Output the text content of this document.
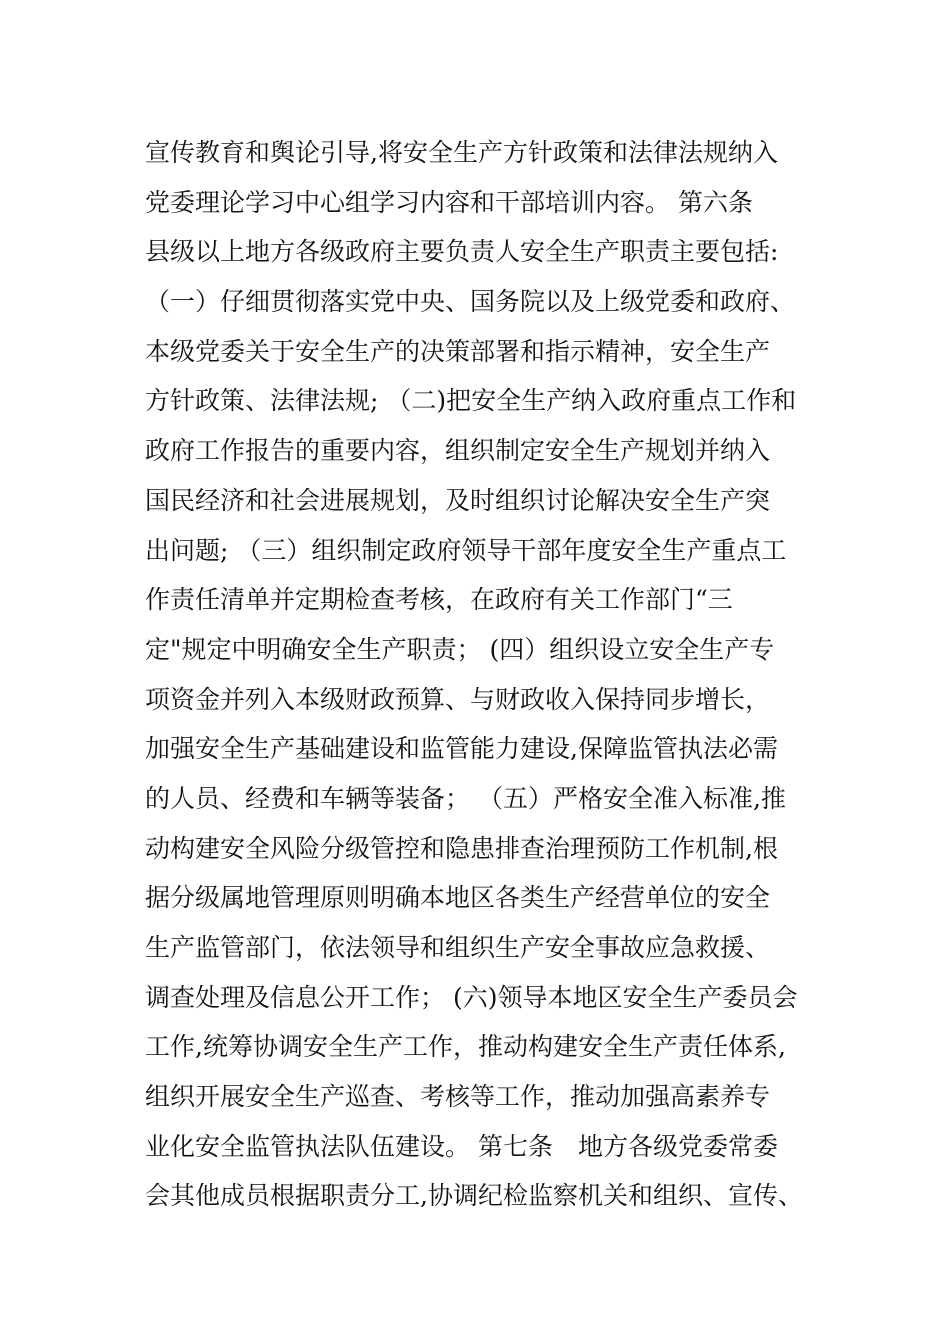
宣传教育和舆论引导,将安全生产方针政策和法律法规纳入
党委理论学习中心组学习内容和干部培训内容。 第六条
县级以上地方各级政府主要负责人安全生产职责主要包括:
（一）仔细贯彻落实党中央、国务院以及上级党委和政府、
本级党委关于安全生产的决策部署和指示精神，安全生产
方针政策、法律法规; （二)把安全生产纳入政府重点工作和
政府工作报告的重要内容，组织制定安全生产规划并纳入
国民经济和社会进展规划，及时组织讨论解决安全生产突
出问题; （三）组织制定政府领导干部年度安全生产重点工
作责任清单并定期检查考核，在政府有关工作部门“三
定"规定中明确安全生产职责； (四）组织设立安全生产专
项资金并列入本级财政预算、与财政收入保持同步增长，
加强安全生产基础建设和监管能力建设,保障监管执法必需
的人员、经费和车辆等装备； （五）严格安全准入标准,推
动构建安全风险分级管控和隐患排查治理预防工作机制,根
据分级属地管理原则明确本地区各类生产经营单位的安全
生产监管部门，依法领导和组织生产安全事故应急救援、
调查处理及信息公开工作； (六)领导本地区安全生产委员会
工作,统筹协调安全生产工作，推动构建安全生产责任体系,
组织开展安全生产巡查、考核等工作，推动加强高素养专
业化安全监管执法队伍建设。 第七条　地方各级党委常委
会其他成员根据职责分工,协调纪检监察机关和组织、宣传、
